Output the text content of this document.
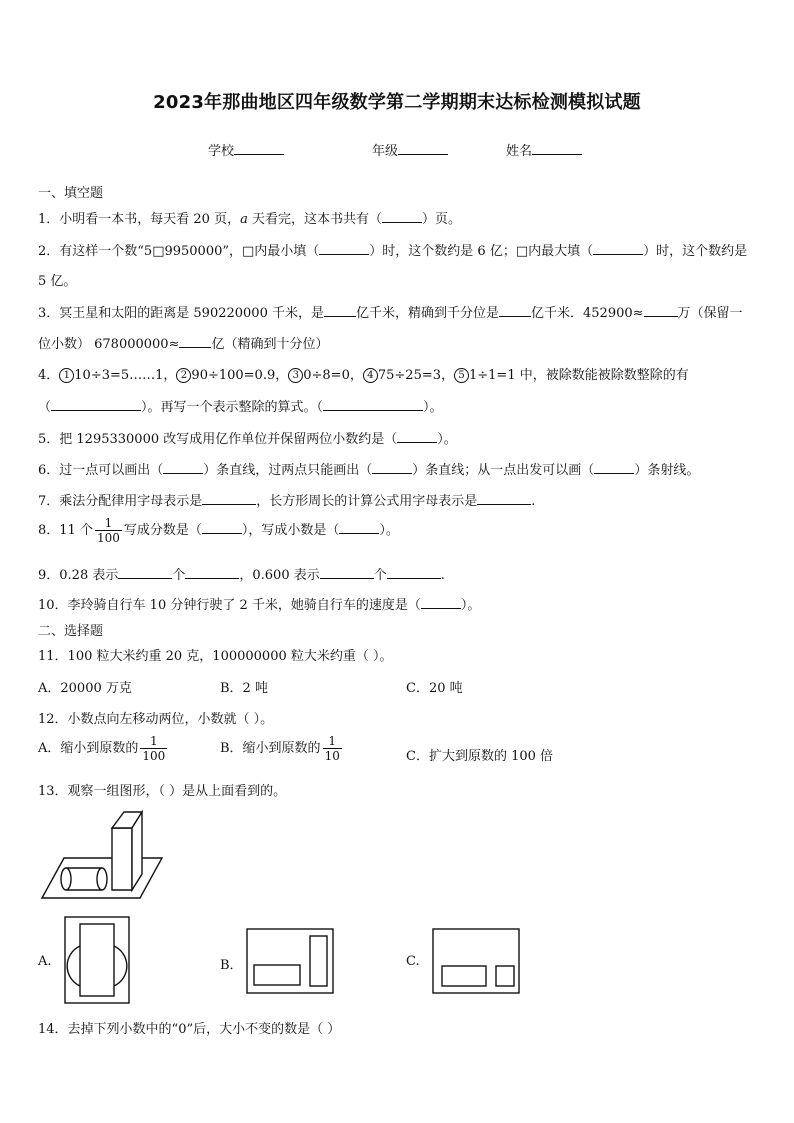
2023年那曲地区四年级数学第二学期期末达标检测模拟试题
学校	年级	姓名
一、填空题
1．小明看一本书，每天看 20 页，a 天看完，这本书共有（	）页。
2．有这样一个数“5□9950000”，□内最小填（	）时，这个数约是 6 亿；□内最大填（	）时，这个数约是
5 亿。
3．冥王星和太阳的距离是 590220000 千米，是 亿千米，精确到千分位是 亿千米．452900≈	万（保留一
位小数） 678000000≈ 亿（精确到十分位）
4． 1 10÷3=5……1， 2 90÷100=0.9， 3 0÷8=0， 4 75÷25=3， 5 1÷1=1 中，被除数能被除数整除的有
（	）。再写一个表示整除的算式。（	）。
5．把 1295330000 改写成用亿作单位并保留两位小数约是（	）。
6．过一点可以画出（	）条直线，过两点只能画出（	）条直线；从一点出发可以画（	）条射线。
7．乘法分配律用字母表示是	，长方形周长的计算公式用字母表示是	.
8．11 个 $\frac{1}{100}$ 写成分数是（	），写成小数是（	）。
9．0.28 表示	个	，0.600 表示	个	.
10．李玲骑自行车 10 分钟行驶了 2 千米，她骑自行车的速度是（	）。
二、选择题
11．100 粒大米约重 20 克，100000000 粒大米约重（ ）。
A．20000 万克	B．2 吨	C．20 吨
12．小数点向左移动两位，小数就（ ）。
A．缩小到原数的 $\frac{1}{100}$	B．缩小到原数的 $\frac{1}{10}$	C．扩大到原数的 100 倍
13．观察一组图形，（ ）是从上面看到的。
A.	B．	C.
14．去掉下列小数中的“0”后，大小不变的数是（ ）
